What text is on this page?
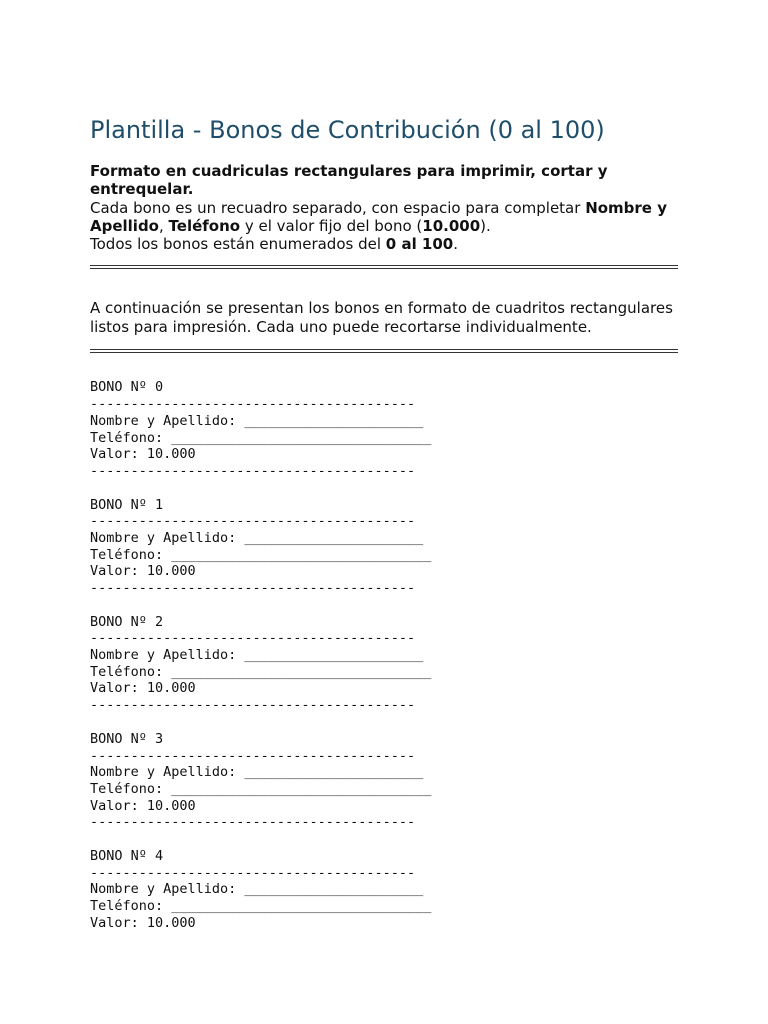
Plantilla - Bonos de Contribución (0 al 100)

Formato en cuadriculas rectangulares para imprimir, cortar y entrequelar.
Cada bono es un recuadro separado, con espacio para completar Nombre y Apellido, Teléfono y el valor fijo del bono (10.000).
Todos los bonos están enumerados del 0 al 100.

A continuación se presentan los bonos en formato de cuadritos rectangulares listos para impresión. Cada uno puede recortarse individualmente.

BONO Nº 0
----------------------------------------
Nombre y Apellido: ______________________
Teléfono: ________________________________
Valor: 10.000
----------------------------------------
BONO Nº 1
----------------------------------------
Nombre y Apellido: ______________________
Teléfono: ________________________________
Valor: 10.000
----------------------------------------
BONO Nº 2
----------------------------------------
Nombre y Apellido: ______________________
Teléfono: ________________________________
Valor: 10.000
----------------------------------------
BONO Nº 3
----------------------------------------
Nombre y Apellido: ______________________
Teléfono: ________________________________
Valor: 10.000
----------------------------------------
BONO Nº 4
----------------------------------------
Nombre y Apellido: ______________________
Teléfono: ________________________________
Valor: 10.000
